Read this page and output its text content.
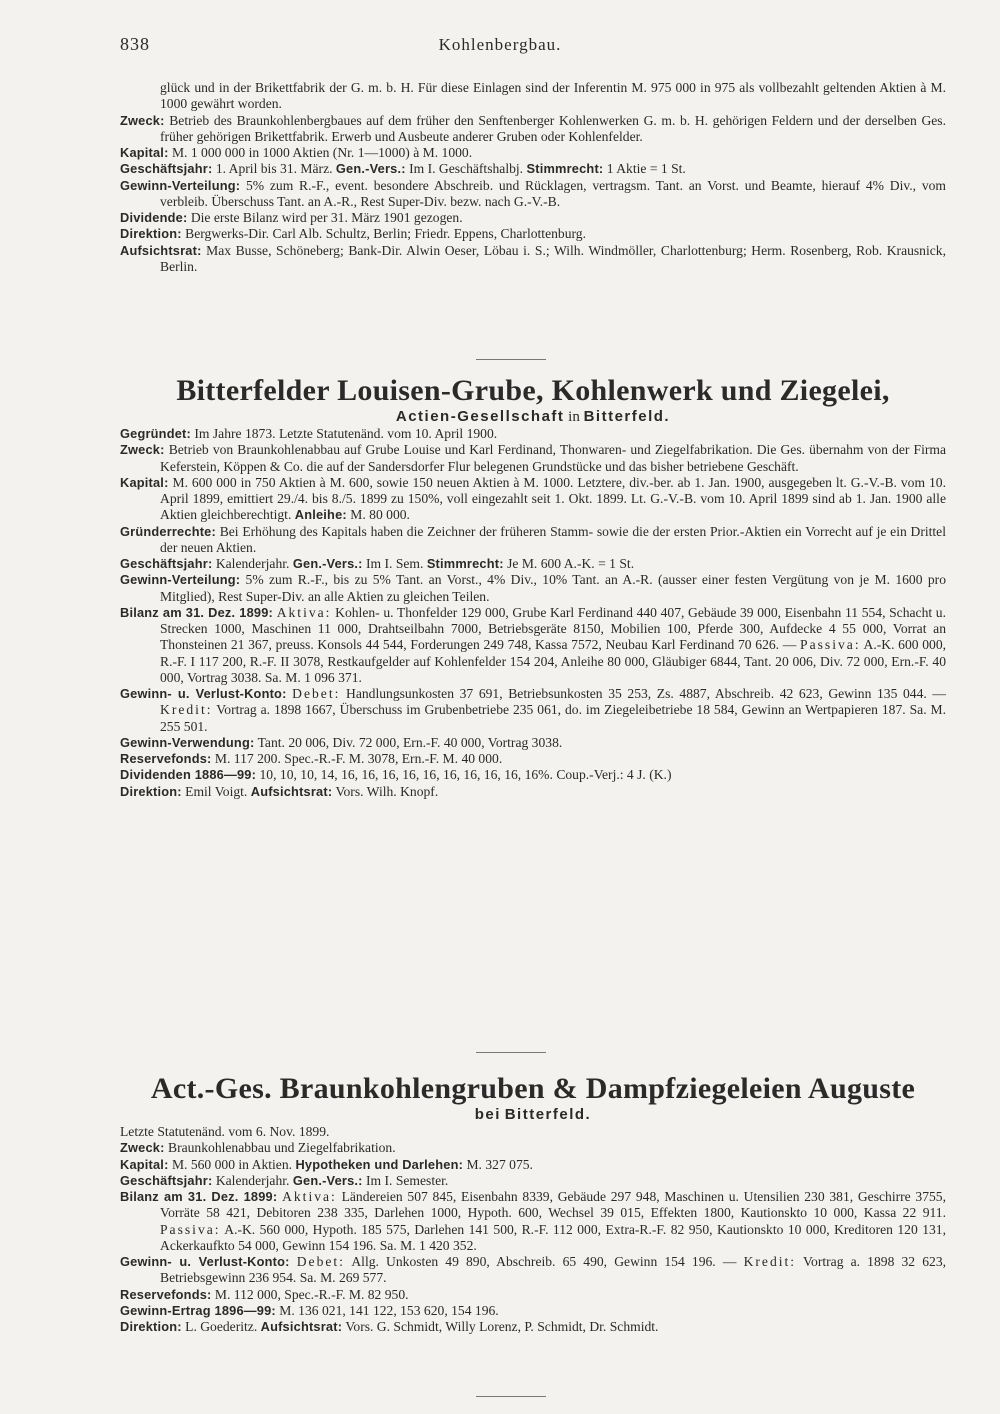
838	Kohlenbergbau.

glück und in der Brikettfabrik der G. m. b. H. Für diese Einlagen sind der Inferentin M. 975 000 in 975 als vollbezahlt geltenden Aktien à M. 1000 gewährt worden.

Zweck: Betrieb des Braunkohlenbergbaues auf dem früher den Senftenberger Kohlenwerken G. m. b. H. gehörigen Feldern und der derselben Ges. früher gehörigen Brikettfabrik. Erwerb und Ausbeute anderer Gruben oder Kohlenfelder.

Kapital: M. 1 000 000 in 1000 Aktien (Nr. 1—1000) à M. 1000.

Geschäftsjahr: 1. April bis 31. März. Gen.-Vers.: Im I. Geschäftshalbj. Stimmrecht: 1 Aktie = 1 St.

Gewinn-Verteilung: 5% zum R.-F., event. besondere Abschreib. und Rücklagen, vertragsm. Tant. an Vorst. und Beamte, hierauf 4% Div., vom verbleib. Überschuss Tant. an A.-R., Rest Super-Div. bezw. nach G.-V.-B.

Dividende: Die erste Bilanz wird per 31. März 1901 gezogen.

Direktion: Bergwerks-Dir. Carl Alb. Schultz, Berlin; Friedr. Eppens, Charlottenburg.

Aufsichtsrat: Max Busse, Schöneberg; Bank-Dir. Alwin Oeser, Löbau i. S.; Wilh. Windmöller, Charlottenburg; Herm. Rosenberg, Rob. Krausnick, Berlin.

Bitterfelder Louisen-Grube, Kohlenwerk und Ziegelei,

Actien-Gesellschaft in Bitterfeld.

Gegründet: Im Jahre 1873. Letzte Statutenänd. vom 10. April 1900.

Zweck: Betrieb von Braunkohlenabbau auf Grube Louise und Karl Ferdinand, Thonwaren- und Ziegelfabrikation. Die Ges. übernahm von der Firma Keferstein, Köppen & Co. die auf der Sandersdorfer Flur belegenen Grundstücke und das bisher betriebene Geschäft.

Kapital: M. 600 000 in 750 Aktien à M. 600, sowie 150 neuen Aktien à M. 1000. Letztere, div.-ber. ab 1. Jan. 1900, ausgegeben lt. G.-V.-B. vom 10. April 1899, emittiert 29./4. bis 8./5. 1899 zu 150%, voll eingezahlt seit 1. Okt. 1899. Lt. G.-V.-B. vom 10. April 1899 sind ab 1. Jan. 1900 alle Aktien gleichberechtigt. Anleihe: M. 80 000.

Gründerrechte: Bei Erhöhung des Kapitals haben die Zeichner der früheren Stamm- sowie die der ersten Prior.-Aktien ein Vorrecht auf je ein Drittel der neuen Aktien.

Geschäftsjahr: Kalenderjahr. Gen.-Vers.: Im I. Sem. Stimmrecht: Je M. 600 A.-K. = 1 St.

Gewinn-Verteilung: 5% zum R.-F., bis zu 5% Tant. an Vorst., 4% Div., 10% Tant. an A.-R. (ausser einer festen Vergütung von je M. 1600 pro Mitglied), Rest Super-Div. an alle Aktien zu gleichen Teilen.

Bilanz am 31. Dez. 1899: Aktiva: Kohlen- u. Thonfelder 129 000, Grube Karl Ferdinand 440 407, Gebäude 39 000, Eisenbahn 11 554, Schacht u. Strecken 1000, Maschinen 11 000, Drahtseilbahn 7000, Betriebsgeräte 8150, Mobilien 100, Pferde 300, Aufdecke 4 55 000, Vorrat an Thonsteinen 21 367, preuss. Konsols 44 544, Forderungen 249 748, Kassa 7572, Neubau Karl Ferdinand 70 626. — Passiva: A.-K. 600 000, R.-F. I 117 200, R.-F. II 3078, Restkaufgelder auf Kohlenfelder 154 204, Anleihe 80 000, Gläubiger 6844, Tant. 20 006, Div. 72 000, Ern.-F. 40 000, Vortrag 3038. Sa. M. 1 096 371.

Gewinn- u. Verlust-Konto: Debet: Handlungsunkosten 37 691, Betriebsunkosten 35 253, Zs. 4887, Abschreib. 42 623, Gewinn 135 044. — Kredit: Vortrag a. 1898 1667, Überschuss im Grubenbetriebe 235 061, do. im Ziegeleibetriebe 18 584, Gewinn an Wertpapieren 187. Sa. M. 255 501.

Gewinn-Verwendung: Tant. 20 006, Div. 72 000, Ern.-F. 40 000, Vortrag 3038.

Reservefonds: M. 117 200. Spec.-R.-F. M. 3078, Ern.-F. M. 40 000.

Dividenden 1886—99: 10, 10, 10, 14, 16, 16, 16, 16, 16, 16, 16, 16, 16, 16%. Coup.-Verj.: 4 J. (K.)

Direktion: Emil Voigt. Aufsichtsrat: Vors. Wilh. Knopf.

Act.-Ges. Braunkohlengruben & Dampfziegeleien Auguste

bei Bitterfeld.

Letzte Statutenänd. vom 6. Nov. 1899.

Zweck: Braunkohlenabbau und Ziegelfabrikation.

Kapital: M. 560 000 in Aktien. Hypotheken und Darlehen: M. 327 075.

Geschäftsjahr: Kalenderjahr. Gen.-Vers.: Im I. Semester.

Bilanz am 31. Dez. 1899: Aktiva: Ländereien 507 845, Eisenbahn 8339, Gebäude 297 948, Maschinen u. Utensilien 230 381, Geschirre 3755, Vorräte 58 421, Debitoren 238 335, Darlehen 1000, Hypoth. 600, Wechsel 39 015, Effekten 1800, Kautionskto 10 000, Kassa 22 911. Passiva: A.-K. 560 000, Hypoth. 185 575, Darlehen 141 500, R.-F. 112 000, Extra-R.-F. 82 950, Kautionskto 10 000, Kreditoren 120 131, Ackerkaufkto 54 000, Gewinn 154 196. Sa. M. 1 420 352.

Gewinn- u. Verlust-Konto: Debet: Allg. Unkosten 49 890, Abschreib. 65 490, Gewinn 154 196. — Kredit: Vortrag a. 1898 32 623, Betriebsgewinn 236 954. Sa. M. 269 577.

Reservefonds: M. 112 000, Spec.-R.-F. M. 82 950.

Gewinn-Ertrag 1896—99: M. 136 021, 141 122, 153 620, 154 196.

Direktion: L. Goederitz. Aufsichtsrat: Vors. G. Schmidt, Willy Lorenz, P. Schmidt, Dr. Schmidt.
